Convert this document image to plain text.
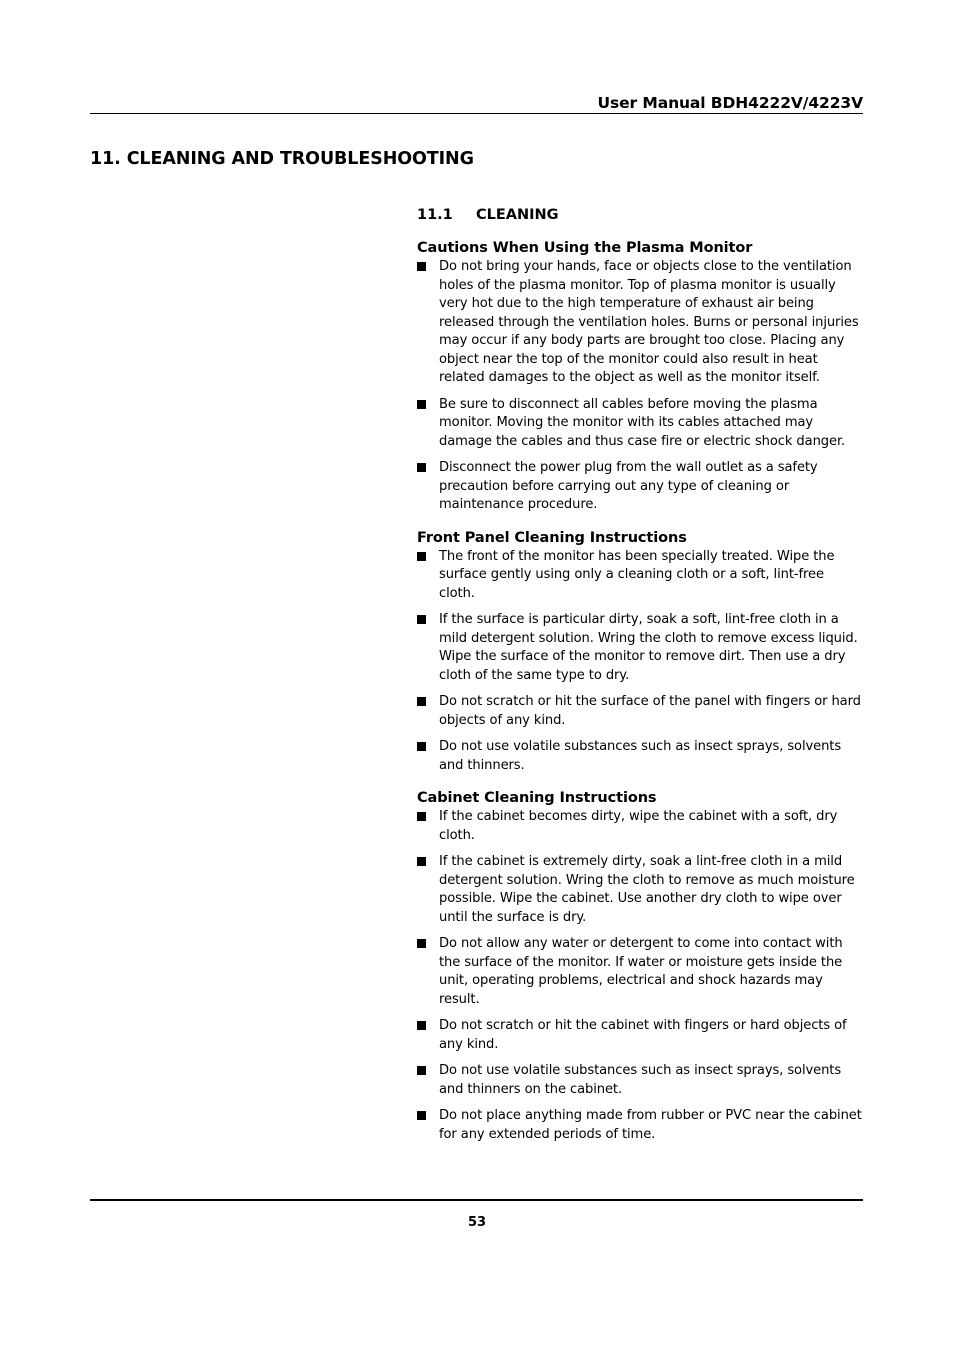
User Manual BDH4222V/4223V
11. CLEANING AND TROUBLESHOOTING
11.1	CLEANING
Cautions When Using the Plasma Monitor
Do not bring your hands, face or objects close to the ventilation holes of the plasma monitor. Top of plasma monitor is usually very hot due to the high temperature of exhaust air being released through the ventilation holes. Burns or personal injuries may occur if any body parts are brought too close. Placing any object near the top of the monitor could also result in heat related damages to the object as well as the monitor itself.
Be sure to disconnect all cables before moving the plasma monitor. Moving the monitor with its cables attached may damage the cables and thus case fire or electric shock danger.
Disconnect the power plug from the wall outlet as a safety precaution before carrying out any type of cleaning or maintenance procedure.
Front Panel Cleaning Instructions
The front of the monitor has been specially treated. Wipe the surface gently using only a cleaning cloth or a soft, lint-free cloth.
If the surface is particular dirty, soak a soft, lint-free cloth in a mild detergent solution. Wring the cloth to remove excess liquid. Wipe the surface of the monitor to remove dirt. Then use a dry cloth of the same type to dry.
Do not scratch or hit the surface of the panel with fingers or hard objects of any kind.
Do not use volatile substances such as insect sprays, solvents and thinners.
Cabinet Cleaning Instructions
If the cabinet becomes dirty, wipe the cabinet with a soft, dry cloth.
If the cabinet is extremely dirty, soak a lint-free cloth in a mild detergent solution. Wring the cloth to remove as much moisture possible. Wipe the cabinet. Use another dry cloth to wipe over until the surface is dry.
Do not allow any water or detergent to come into contact with the surface of the monitor. If water or moisture gets inside the unit, operating problems, electrical and shock hazards may result.
Do not scratch or hit the cabinet with fingers or hard objects of any kind.
Do not use volatile substances such as insect sprays, solvents and thinners on the cabinet.
Do not place anything made from rubber or PVC near the cabinet for any extended periods of time.
53
